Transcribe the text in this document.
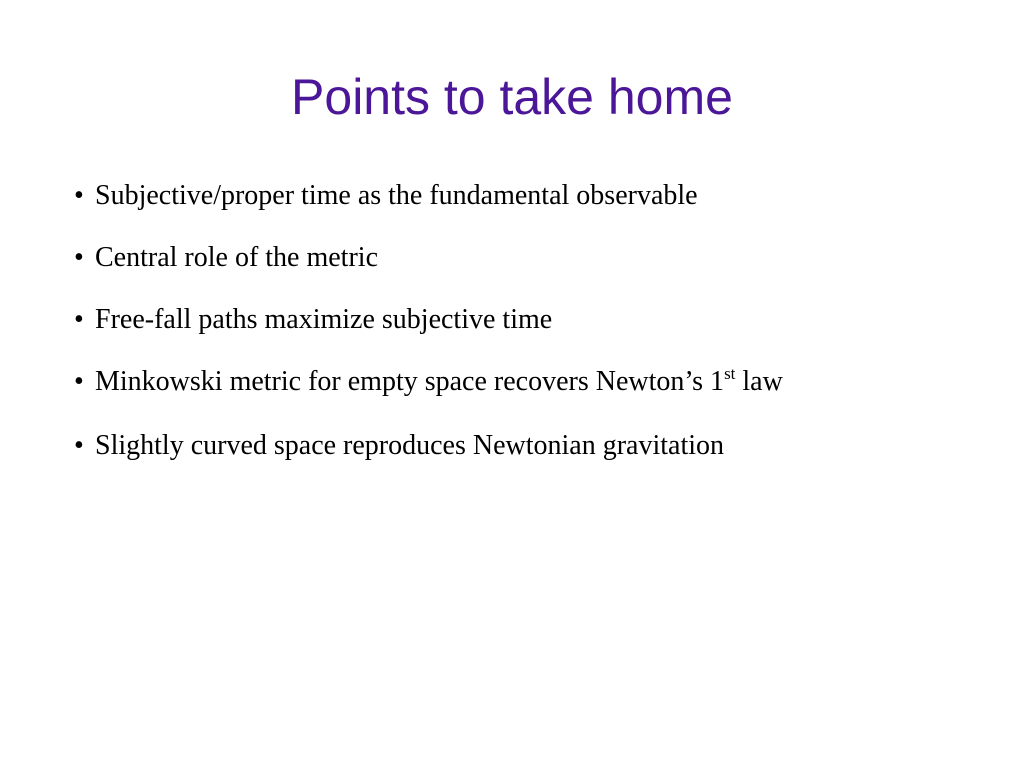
Points to take home
• Subjective/proper time as the fundamental observable
• Central role of the metric
• Free-fall paths maximize subjective time
• Minkowski metric for empty space recovers Newton’s 1st law
• Slightly curved space reproduces Newtonian gravitation
